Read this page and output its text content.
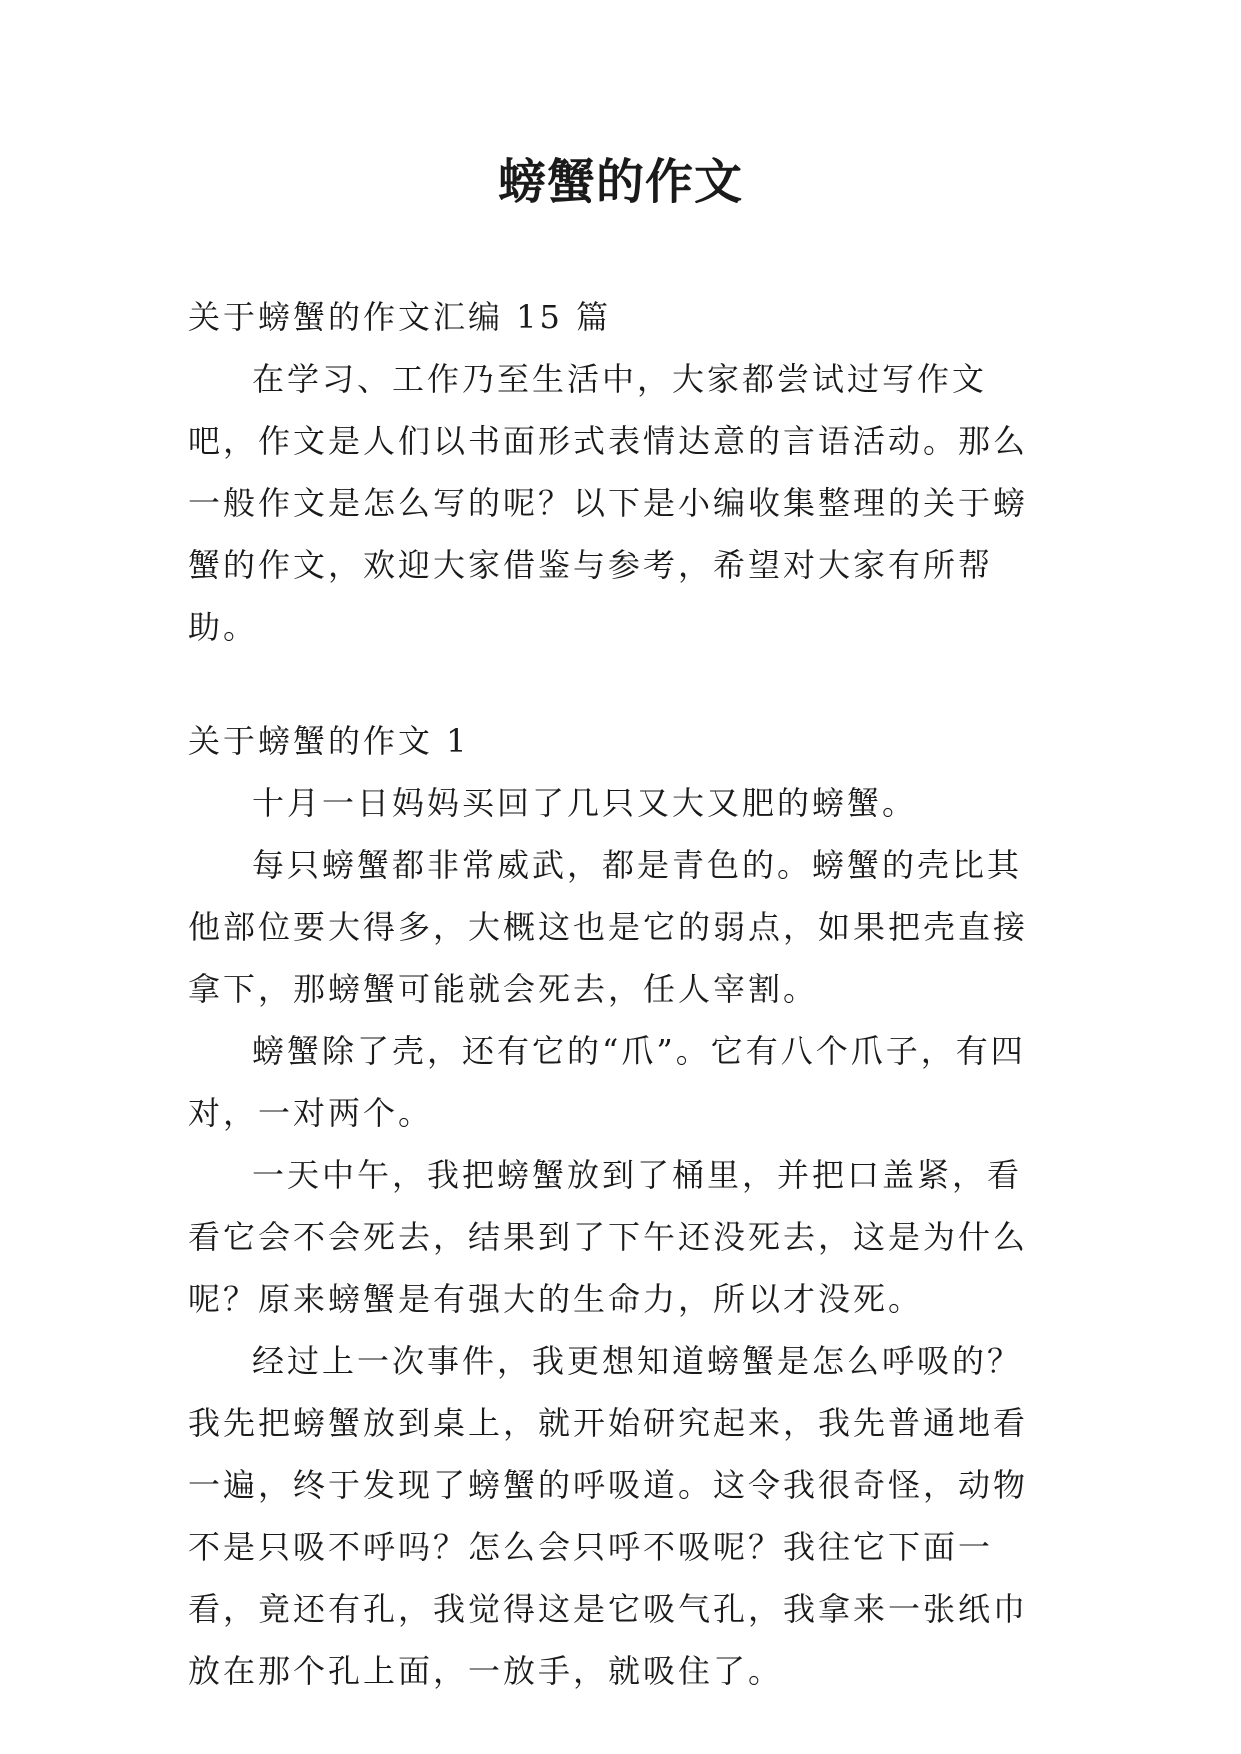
螃蟹的作文

关于螃蟹的作文汇编 15 篇

在学习、工作乃至生活中，大家都尝试过写作文吧，作文是人们以书面形式表情达意的言语活动。那么一般作文是怎么写的呢？以下是小编收集整理的关于螃蟹的作文，欢迎大家借鉴与参考，希望对大家有所帮助。

关于螃蟹的作文 1

十月一日妈妈买回了几只又大又肥的螃蟹。

每只螃蟹都非常威武，都是青色的。螃蟹的壳比其他部位要大得多，大概这也是它的弱点，如果把壳直接拿下，那螃蟹可能就会死去，任人宰割。

螃蟹除了壳，还有它的“爪”。它有八个爪子，有四对，一对两个。

一天中午，我把螃蟹放到了桶里，并把口盖紧，看看它会不会死去，结果到了下午还没死去，这是为什么呢？原来螃蟹是有强大的生命力，所以才没死。

经过上一次事件，我更想知道螃蟹是怎么呼吸的？我先把螃蟹放到桌上，就开始研究起来，我先普通地看一遍，终于发现了螃蟹的呼吸道。这令我很奇怪，动物不是只吸不呼吗？怎么会只呼不吸呢？我往它下面一看，竟还有孔，我觉得这是它吸气孔，我拿来一张纸巾放在那个孔上面，一放手，就吸住了。
